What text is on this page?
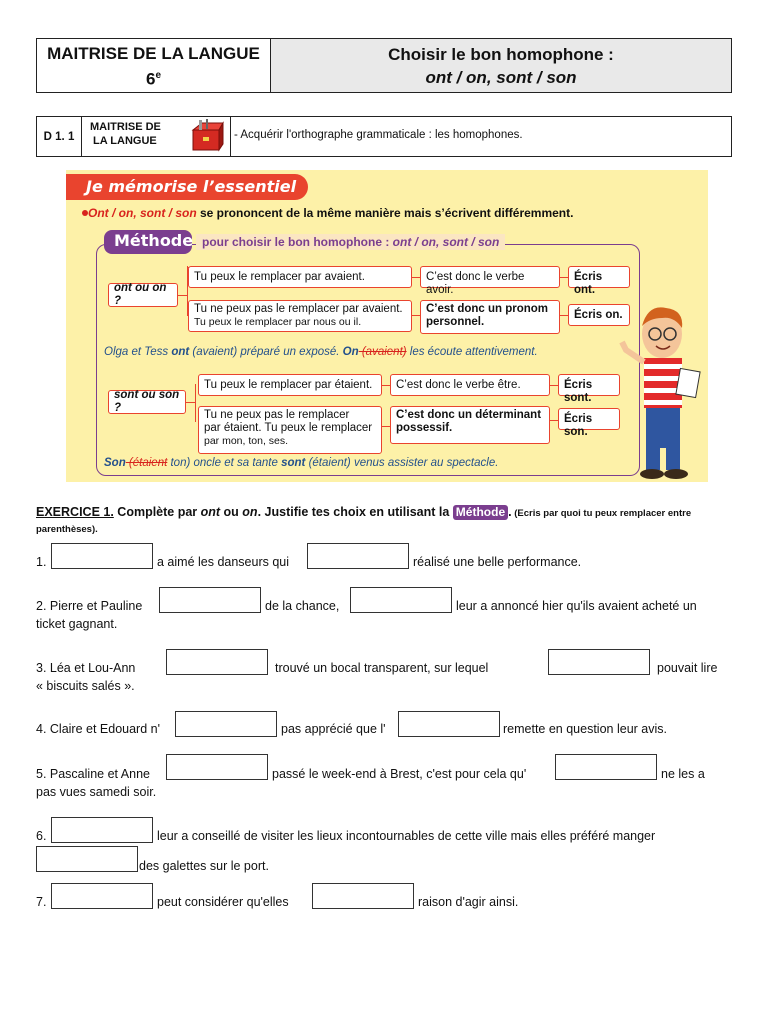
MAITRISE DE LA LANGUE
6e
Choisir le bon homophone :
ont / on, sont / son
D 1. 1
MAITRISE DE
LA LANGUE	- Acquérir l'orthographe grammaticale : les homophones.
Je mémorise l’essentiel
Ont / on, sont / son se prononcent de la même manière mais s’écrivent différemment.
Méthode pour choisir le bon homophone : ont / on, sont / son
ont ou on ?
Tu peux le remplacer par avaient.	C’est donc le verbe avoir.
Écris ont.
Tu ne peux pas le remplacer par avaient.
Tu peux le remplacer par nous ou il.
C’est donc un pronom personnel.
Écris on.
Olga et Tess ont (avaient) préparé un exposé. On (avaient) les écoute attentivement.
sont ou son ?
Tu peux le remplacer par étaient.	C’est donc le verbe être.	Écris sont.
Tu ne peux pas le remplacer
par étaient. Tu peux le remplacer
par mon, ton, ses.
C’est donc un déterminant possessif.
Écris son.
Son (étaient ton) oncle et sa tante sont (étaient) venus assister au spectacle.
EXERCICE 1. Complète par ont ou on. Justifie tes choix en utilisant la Méthode . (Ecris par quoi tu peux remplacer entre parenthèses).
1.	a aimé les danseurs qui	réalisé une belle performance.
2. Pierre et Pauline	de la chance,	leur a annoncé hier qu'ils avaient acheté un
ticket gagnant.
3. Léa et Lou-Ann	trouvé un bocal transparent, sur lequel	pouvait lire
« biscuits salés ».
4. Claire et Edouard n'	pas apprécié que l'	remette en question leur avis.
5. Pascaline et Anne	passé le week-end à Brest, c'est pour cela qu'	ne les a
pas vues samedi soir.
6.	leur a conseillé de visiter les lieux incontournables de cette ville mais elles préféré manger
des galettes sur le port.
7.	peut considérer qu'elles	raison d'agir ainsi.
